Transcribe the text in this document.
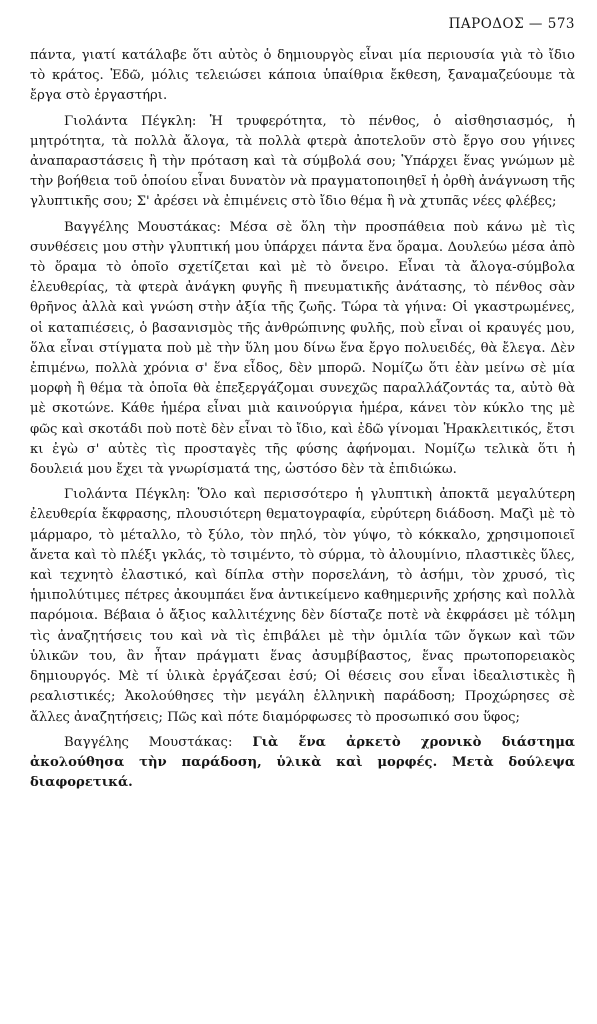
ΠΑΡΟΔΟΣ — 573

πάντα, γιατί κατάλαβε ὅτι αὐτὸς ὁ δημιουργὸς εἶναι μία περιουσία γιὰ τὸ ἴδιο τὸ κράτος. Ἐδῶ, μόλις τελειώσει κάποια ὑπαίθρια ἔκθεση, ξαναμαζεύουμε τὰ ἔργα στὸ ἐργαστήρι.

Γιολάντα Πέγκλη: Ἡ τρυφερότητα, τὸ πένθος, ὁ αἰσθησιασμός, ἡ μητρότητα, τὰ πολλὰ ἄλογα, τὰ πολλὰ φτερὰ ἀποτελοῦν στὸ ἔργο σου γήινες ἀναπαραστάσεις ἢ τὴν πρόταση καὶ τὰ σύμβολά σου; Ὑπάρχει ἕνας γνώμων μὲ τὴν βοήθεια τοῦ ὁποίου εἶναι δυνατὸν νὰ πραγματοποιηθεῖ ἡ ὀρθὴ ἀνάγνωση τῆς γλυπτικῆς σου; Σ' ἀρέσει νὰ ἐπιμένεις στὸ ἴδιο θέμα ἢ νὰ χτυπᾶς νέες φλέβες;

Βαγγέλης Μουστάκας: Μέσα σὲ ὅλη τὴν προσπάθεια ποὺ κάνω μὲ τὶς συνθέσεις μου στὴν γλυπτική μου ὑπάρχει πάντα ἕνα ὅραμα. Δουλεύω μέσα ἀπὸ τὸ ὅραμα τὸ ὁποῖο σχετίζεται καὶ μὲ τὸ ὄνειρο. Εἶναι τὰ ἄλογα-σύμβολα ἐλευθερίας, τὰ φτερὰ ἀνάγκη φυγῆς ἢ πνευματικῆς ἀνάτασης, τὸ πένθος σὰν θρῆνος ἀλλὰ καὶ γνώση στὴν ἀξία τῆς ζωῆς. Τώρα τὰ γήινα: Οἱ γκαστρωμένες, οἱ καταπιέσεις, ὁ βασανισμὸς τῆς ἀνθρώπινης φυλῆς, ποὺ εἶναι οἱ κραυγές μου, ὅλα εἶναι στίγματα ποὺ μὲ τὴν ὕλη μου δίνω ἕνα ἔργο πολυειδές, θὰ ἔλεγα. Δὲν ἐπιμένω, πολλὰ χρόνια σ' ἕνα εἶδος, δὲν μπορῶ. Νομίζω ὅτι ἐὰν μείνω σὲ μία μορφὴ ἢ θέμα τὰ ὁποῖα θὰ ἐπεξεργάζομαι συνεχῶς παραλλάζοντάς τα, αὐτὸ θὰ μὲ σκοτώνε. Κάθε ἡμέρα εἶναι μιὰ καινούργια ἡμέρα, κάνει τὸν κύκλο της μὲ φῶς καὶ σκοτάδι ποὺ ποτὲ δὲν εἶναι τὸ ἴδιο, καὶ ἐδῶ γίνομαι Ἡρακλειτικός, ἔτσι κι ἐγὼ σ' αὐτὲς τὶς προσταγὲς τῆς φύσης ἀφήνομαι. Νομίζω τελικὰ ὅτι ἡ δουλειά μου ἔχει τὰ γνωρίσματά της, ὡστόσο δὲν τὰ ἐπιδιώκω.

Γιολάντα Πέγκλη: Ὅλο καὶ περισσότερο ἡ γλυπτικὴ ἀποκτᾶ μεγαλύτερη ἐλευθερία ἔκφρασης, πλουσιότερη θεματογραφία, εὐρύτερη διάδοση. Μαζὶ μὲ τὸ μάρμαρο, τὸ μέταλλο, τὸ ξύλο, τὸν πηλό, τὸν γύψο, τὸ κόκκαλο, χρησιμοποιεῖ ἄνετα καὶ τὸ πλέξι γκλάς, τὸ τσιμέντο, τὸ σύρμα, τὸ ἀλουμίνιο, πλαστικὲς ὕλες, καὶ τεχνητὸ ἐλαστικό, καὶ δίπλα στὴν πορσελάνη, τὸ ἀσήμι, τὸν χρυσό, τὶς ἡμιπολύτιμες πέτρες ἀκουμπάει ἕνα ἀντικείμενο καθημερινῆς χρήσης καὶ πολλὰ παρόμοια. Βέβαια ὁ ἄξιος καλλιτέχνης δὲν δίσταζε ποτὲ νὰ ἐκφράσει μὲ τόλμη τὶς ἀναζητήσεις του καὶ νὰ τὶς ἐπιβάλει μὲ τὴν ὁμιλία τῶν ὄγκων καὶ τῶν ὑλικῶν του, ἂν ἦταν πράγματι ἕνας ἀσυμβίβαστος, ἕνας πρωτοπορειακὸς δημιουργός. Μὲ τί ὑλικὰ ἐργάζεσαι ἐσύ; Οἱ θέσεις σου εἶναι ἰδεαλιστικὲς ἢ ρεαλιστικές; Ἀκολούθησες τὴν μεγάλη ἑλληνικὴ παράδοση; Προχώρησες σὲ ἄλλες ἀναζητήσεις; Πῶς καὶ πότε διαμόρφωσες τὸ προσωπικό σου ὕφος;

Βαγγέλης Μουστάκας: Γιὰ ἕνα ἀρκετὸ χρονικὸ διάστημα ἀκολούθησα τὴν παράδοση, ὑλικὰ καὶ μορφές. Μετὰ δούλεψα διαφορετικά.
